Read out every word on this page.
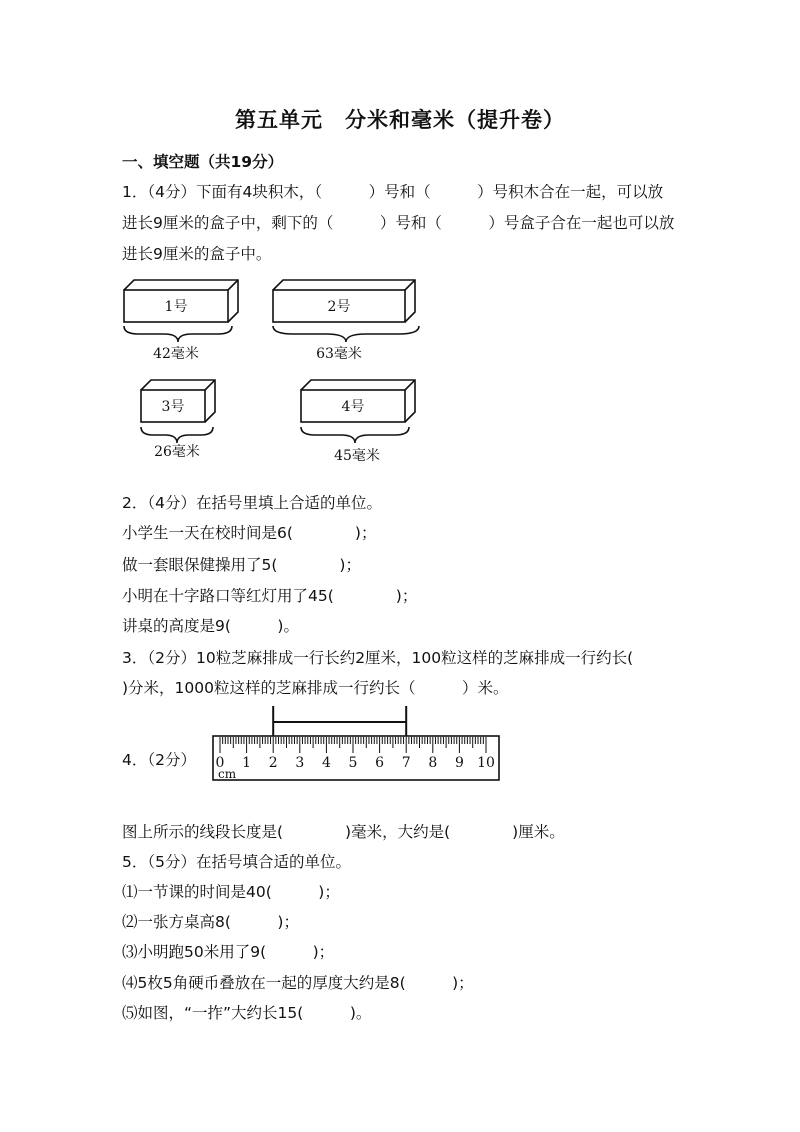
第五单元　分米和毫米（提升卷）
一、填空题（共19分）
1．（4分）下面有4块积木，（　　　）号和（　　　）号积木合在一起，可以放
进长9厘米的盒子中，剩下的（　　　）号和（　　　）号盒子合在一起也可以放
进长9厘米的盒子中。
1号
42毫米
2号
63毫米
3号
26毫米
4号
45毫米
2．（4分）在括号里填上合适的单位。
小学生一天在校时间是6(　　　　)；
做一套眼保健操用了5(　　　　)；
小明在十字路口等红灯用了45(　　　　)；
讲桌的高度是9(　　　)。
3．（2分）10粒芝麻排成一行长约2厘米，100粒这样的芝麻排成一行约长(
)分米，1000粒这样的芝麻排成一行约长（　　　）米。
4．（2分） 0 1 2 3 4 5 6 7 8 9 10
cm
图上所示的线段长度是(　　　　)毫米，大约是(　　　　)厘米。
5．（5分）在括号填合适的单位。
⑴一节课的时间是40(　　　)；
⑵一张方桌高8(　　　)；
⑶小明跑50米用了9(　　　)；
⑷5枚5角硬币叠放在一起的厚度大约是8(　　　)；
⑸如图，“一拃”大约长15(　　　)。
